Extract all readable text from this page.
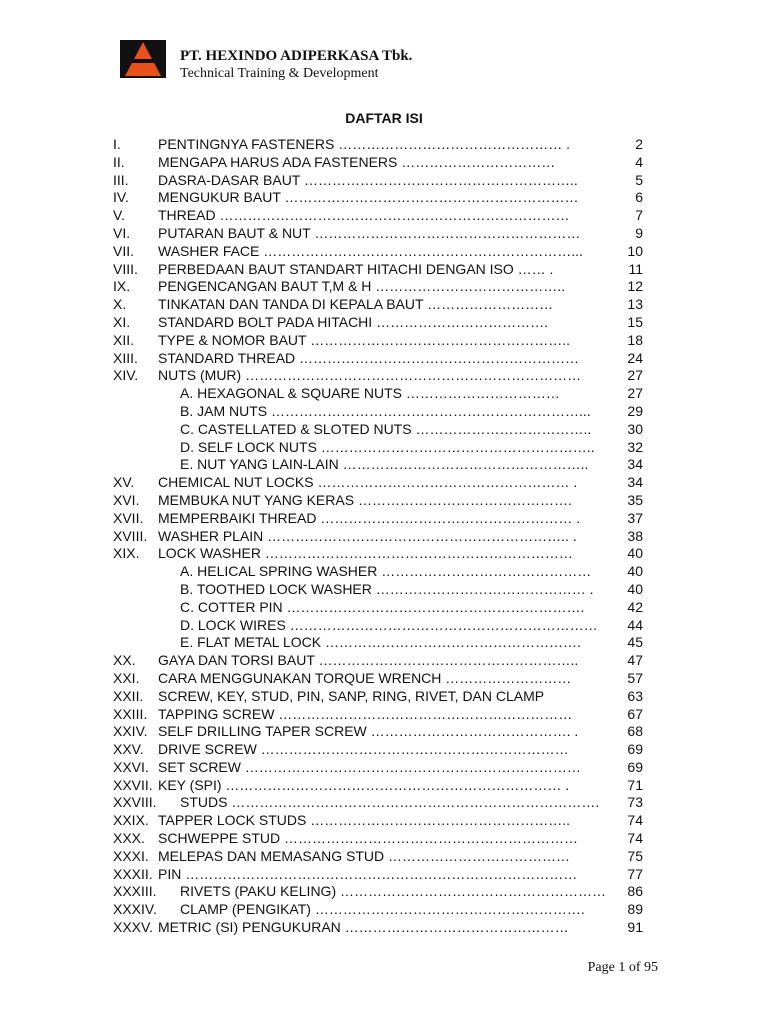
PT. HEXINDO ADIPERKASA Tbk.
Technical Training & Development
DAFTAR ISI
I.	PENTINGNYA FASTENERS ………………………………………… .	2
II. MENGAPA HARUS ADA FASTENERS ……………………………	4
III. DASRA-DASAR BAUT …………………………………………………..	5
IV. MENGUKUR BAUT ………………………………………………………	6
V. THREAD …………………………………………………………………	7
VI. PUTARAN BAUT & NUT …………………………………………………	9
VII. WASHER FACE …………………………………………………………...	10
VIII. PERBEDAAN BAUT STANDART HITACHI DENGAN ISO …… .	11
IX. PENGENCANGAN BAUT T,M & H …………………………………..	12
X. TINKATAN DAN TANDA DI KEPALA BAUT ………………………	13
XI. STANDARD BOLT PADA HITACHI ……………………………….	15
XII. TYPE & NOMOR BAUT ………………………………………………..	18
XIII. STANDARD THREAD ……………………………………………………	24
XIV. NUTS (MUR) ………………………………………………………………	27
A. HEXAGONAL & SQUARE NUTS ……………………………	27
B. JAM NUTS …………………………………………………………...	29
C. CASTELLATED & SLOTED NUTS ………………………………..	30
D. SELF LOCK NUTS …………………………………………………..	32
E. NUT YANG LAIN-LAIN ……………………………………………..	34
XV. CHEMICAL NUT LOCKS ……………………………………………… .	34
XVI. MEMBUKA NUT YANG KERAS ……………………………………….	35
XVII. MEMPERBAIKI THREAD ……………………………………………… .	37
XVIII. WASHER PLAIN ……………………………………………………….. .	38
XIX. LOCK WASHER …………………………………………………………	40
A. HELICAL SPRING WASHER ………………………………………	40
B. TOOTHED LOCK WASHER ……………………………………… .	40
C. COTTER PIN ……………………………………………………….	42
D. LOCK WIRES …………………………………………………………	44
E. FLAT METAL LOCK ……………………………………………….	45
XX. GAYA DAN TORSI BAUT ………………………………………………..	47
XXI. CARA MENGGUNAKAN TORQUE WRENCH ………………………	57
XXII. SCREW, KEY, STUD, PIN, SANP, RING, RIVET, DAN CLAMP	63
XXIII. TAPPING SCREW ………………………………………………………	67
XXIV. SELF DRILLING TAPER SCREW ……………………………………. .	68
XXV. DRIVE SCREW …………………………………………………………	69
XXVI. SET SCREW ………………………………………………………………	69
XXVII. KEY (SPI) ……………………………………………………………… .	71
XXVIII. STUDS …………………………………………………………………….	73
XXIX. TAPPER LOCK STUDS ………………………………………………..	74
XXX. SCHWEPPE STUD ………………………………………………………	74
XXXI. MELEPAS DAN MEMASANG STUD …………………………………	75
XXXII. PIN …………………………………………………………………………	77
XXXIII. RIVETS (PAKU KELING) …………………………………………………	86
XXXIV. CLAMP (PENGIKAT) ………………………………………………….	89
XXXV. METRIC (SI) PENGUKURAN …………………………………………	91
Page 1 of 95
